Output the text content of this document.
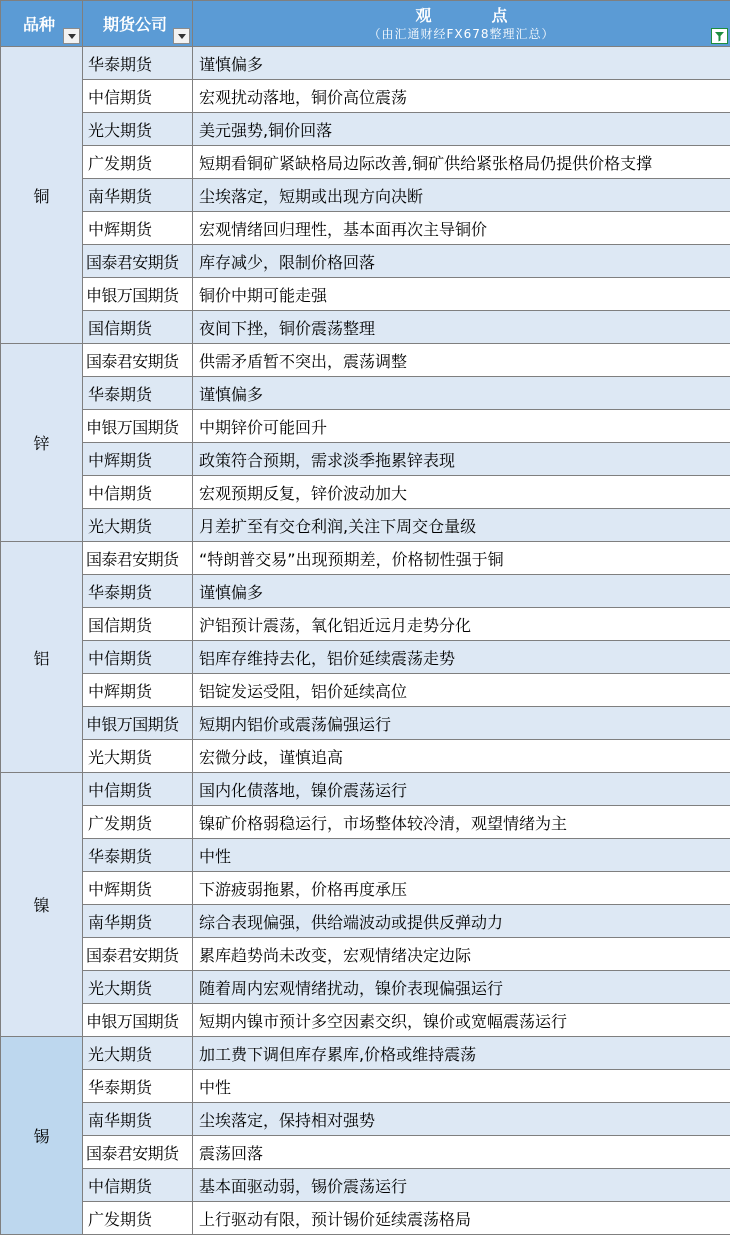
品种	期货公司	观　点
（由汇通财经FX678整理汇总）

铜	华泰期货	谨慎偏多
	中信期货	宏观扰动落地，铜价高位震荡
	光大期货	美元强势,铜价回落
	广发期货	短期看铜矿紧缺格局边际改善,铜矿供给紧张格局仍提供价格支撑
	南华期货	尘埃落定，短期或出现方向决断
	中辉期货	宏观情绪回归理性，基本面再次主导铜价
	国泰君安期货	库存减少，限制价格回落
	申银万国期货	铜价中期可能走强
	国信期货	夜间下挫，铜价震荡整理
锌	国泰君安期货	供需矛盾暂不突出，震荡调整
	华泰期货	谨慎偏多
	申银万国期货	中期锌价可能回升
	中辉期货	政策符合预期，需求淡季拖累锌表现
	中信期货	宏观预期反复，锌价波动加大
	光大期货	月差扩至有交仓利润,关注下周交仓量级
铝	国泰君安期货	“特朗普交易”出现预期差，价格韧性强于铜
	华泰期货	谨慎偏多
	国信期货	沪铝预计震荡，氧化铝近远月走势分化
	中信期货	铝库存维持去化，铝价延续震荡走势
	中辉期货	铝锭发运受阻，铝价延续高位
	申银万国期货	短期内铝价或震荡偏强运行
	光大期货	宏微分歧，谨慎追高
镍	中信期货	国内化债落地，镍价震荡运行
	广发期货	镍矿价格弱稳运行，市场整体较冷清，观望情绪为主
	华泰期货	中性
	中辉期货	下游疲弱拖累，价格再度承压
	南华期货	综合表现偏强，供给端波动或提供反弹动力
	国泰君安期货	累库趋势尚未改变，宏观情绪决定边际
	光大期货	随着周内宏观情绪扰动，镍价表现偏强运行
	申银万国期货	短期内镍市预计多空因素交织，镍价或宽幅震荡运行
锡	光大期货	加工费下调但库存累库,价格或维持震荡
	华泰期货	中性
	南华期货	尘埃落定，保持相对强势
	国泰君安期货	震荡回落
	中信期货	基本面驱动弱，锡价震荡运行
	广发期货	上行驱动有限，预计锡价延续震荡格局
